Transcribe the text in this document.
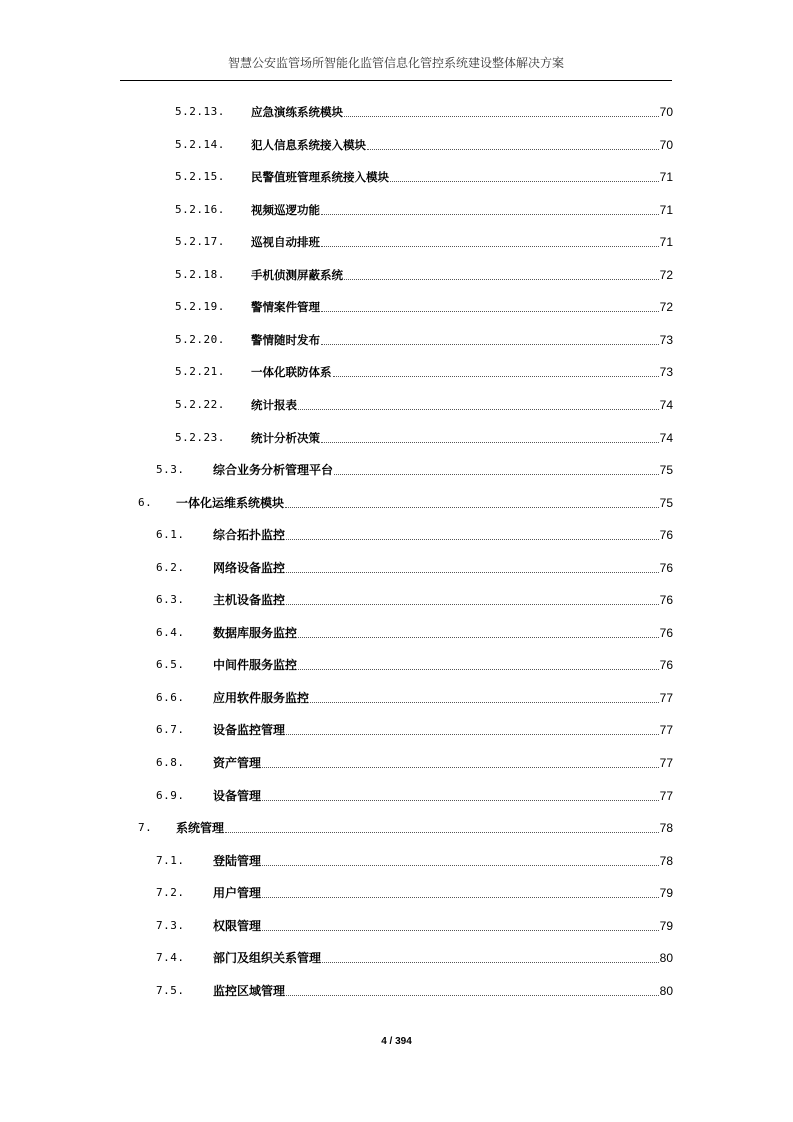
智慧公安监管场所智能化监管信息化管控系统建设整体解决方案
5.2.13. 应急演练系统模块	70
5.2.14. 犯人信息系统接入模块	70
5.2.15. 民警值班管理系统接入模块	71
5.2.16. 视频巡逻功能	71
5.2.17. 巡视自动排班	71
5.2.18. 手机侦测屏蔽系统	72
5.2.19. 警情案件管理	72
5.2.20. 警情随时发布	73
5.2.21. 一体化联防体系	73
5.2.22. 统计报表	74
5.2.23. 统计分析决策	74
5.3. 综合业务分析管理平台	75
6. 一体化运维系统模块	75
6.1. 综合拓扑监控	76
6.2. 网络设备监控	76
6.3. 主机设备监控	76
6.4. 数据库服务监控	76
6.5. 中间件服务监控	76
6.6. 应用软件服务监控	77
6.7. 设备监控管理	77
6.8. 资产管理	77
6.9. 设备管理	77
7. 系统管理	78
7.1. 登陆管理	78
7.2. 用户管理	79
7.3. 权限管理	79
7.4. 部门及组织关系管理	80
7.5. 监控区域管理	80
4 / 394
